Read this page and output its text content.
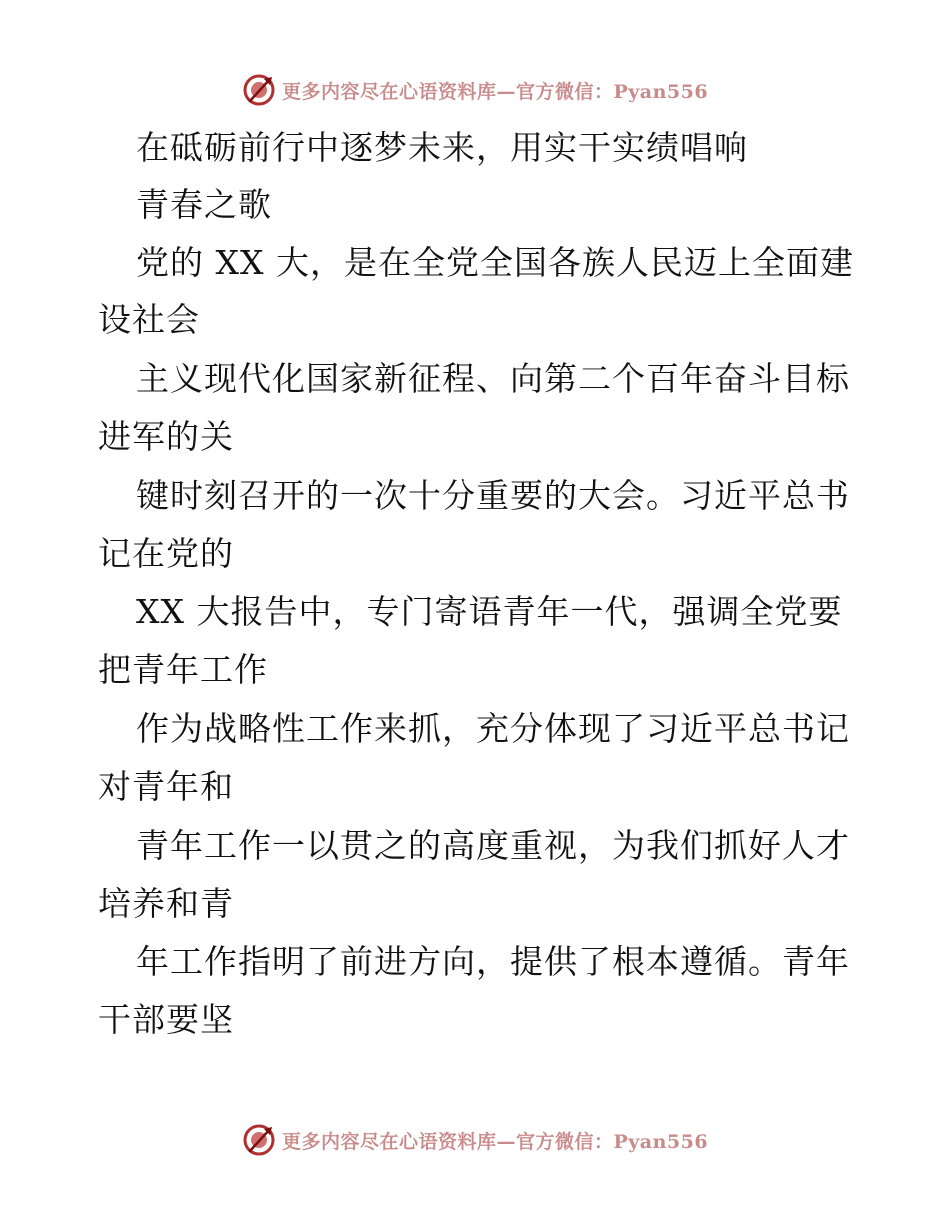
更多内容尽在心语资料库—官方微信：Pyan556
在砥砺前行中逐梦未来，用实干实绩唱响
青春之歌
党的 XX 大，是在全党全国各族人民迈上全面建
设社会
主义现代化国家新征程、向第二个百年奋斗目标
进军的关
键时刻召开的一次十分重要的大会。习近平总书
记在党的
XX 大报告中，专门寄语青年一代，强调全党要
把青年工作
作为战略性工作来抓，充分体现了习近平总书记
对青年和
青年工作一以贯之的高度重视，为我们抓好人才
培养和青
年工作指明了前进方向，提供了根本遵循。青年
干部要坚
更多内容尽在心语资料库—官方微信：Pyan556
